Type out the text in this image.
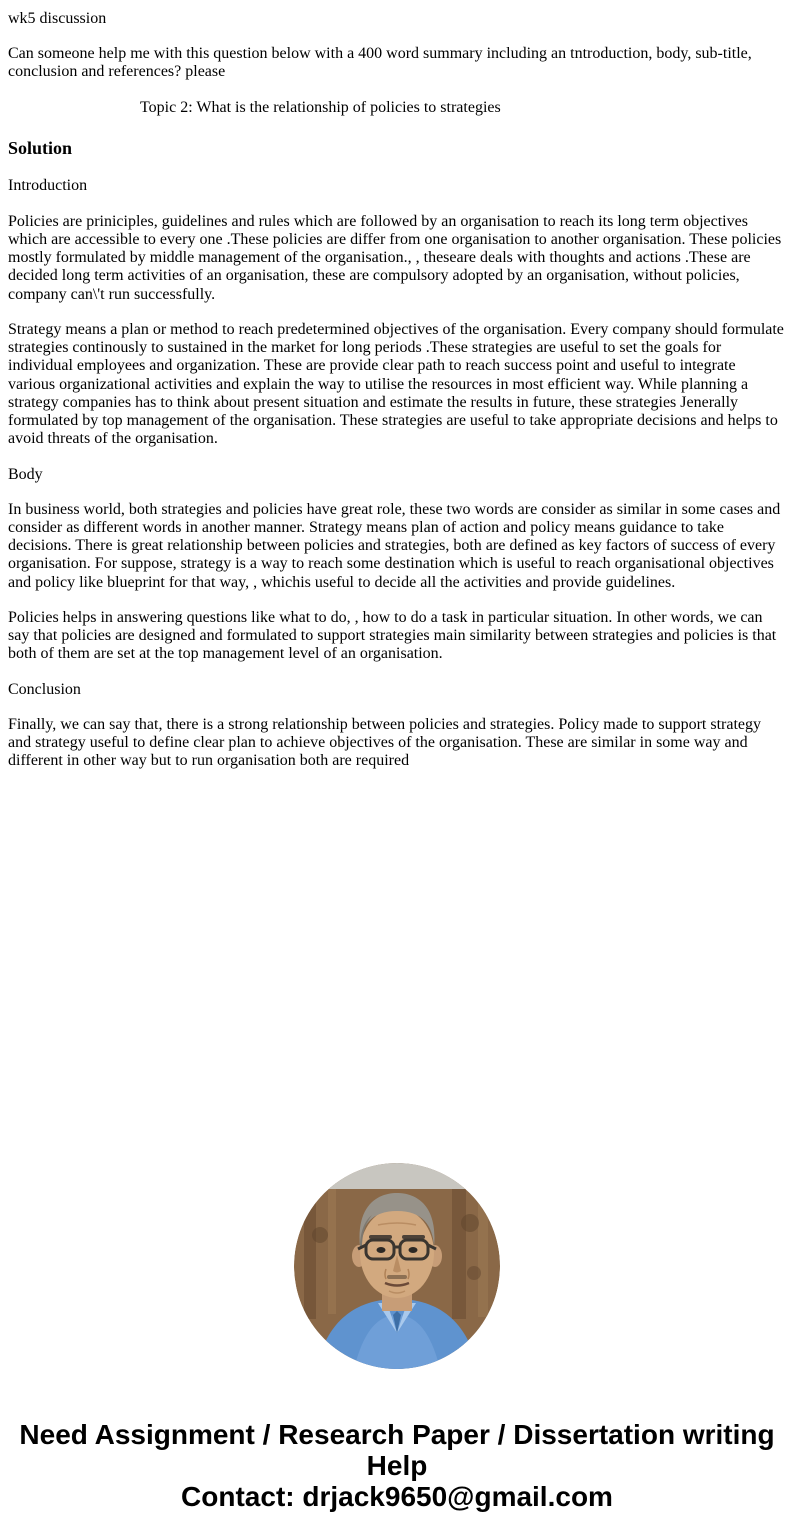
wk5 discussion

Can someone help me with this question below with a 400 word summary including an tntroduction, body, sub-title, conclusion and references? please

Topic 2: What is the relationship of policies to strategies

Solution

Introduction

Policies are priniciples, guidelines and rules which are followed by an organisation to reach its long term objectives which are accessible to every one .These policies are differ from one organisation to another organisation. These policies mostly formulated by middle management of the organisation., , theseare deals with thoughts and actions .These are decided long term activities of an organisation, these are compulsory adopted by an organisation, without policies, company can\'t run successfully.

Strategy means a plan or method to reach predetermined objectives of the organisation. Every company should formulate strategies continously to sustained in the market for long periods .These strategies are useful to set the goals for individual employees and organization. These are provide clear path to reach success point and useful to integrate various organizational activities and explain the way to utilise the resources in most efficient way. While planning a strategy companies has to think about present situation and estimate the results in future, these strategies Jenerally formulated by top management of the organisation. These strategies are useful to take appropriate decisions and helps to avoid threats of the organisation.

Body

In business world, both strategies and policies have great role, these two words are consider as similar in some cases and consider as different words in another manner. Strategy means plan of action and policy means guidance to take decisions. There is great relationship between policies and strategies, both are defined as key factors of success of every organisation. For suppose, strategy is a way to reach some destination which is useful to reach organisational objectives and policy like blueprint for that way, , whichis useful to decide all the activities and provide guidelines.

Policies helps in answering questions like what to do, , how to do a task in particular situation. In other words, we can say that policies are designed and formulated to support strategies main similarity between strategies and policies is that both of them are set at the top management level of an organisation.

Conclusion

Finally, we can say that, there is a strong relationship between policies and strategies. Policy made to support strategy and strategy useful to define clear plan to achieve objectives of the organisation. These are similar in some way and different in other way but to run organisation both are required

Need Assignment / Research Paper / Dissertation writing Help
Contact: drjack9650@gmail.com
